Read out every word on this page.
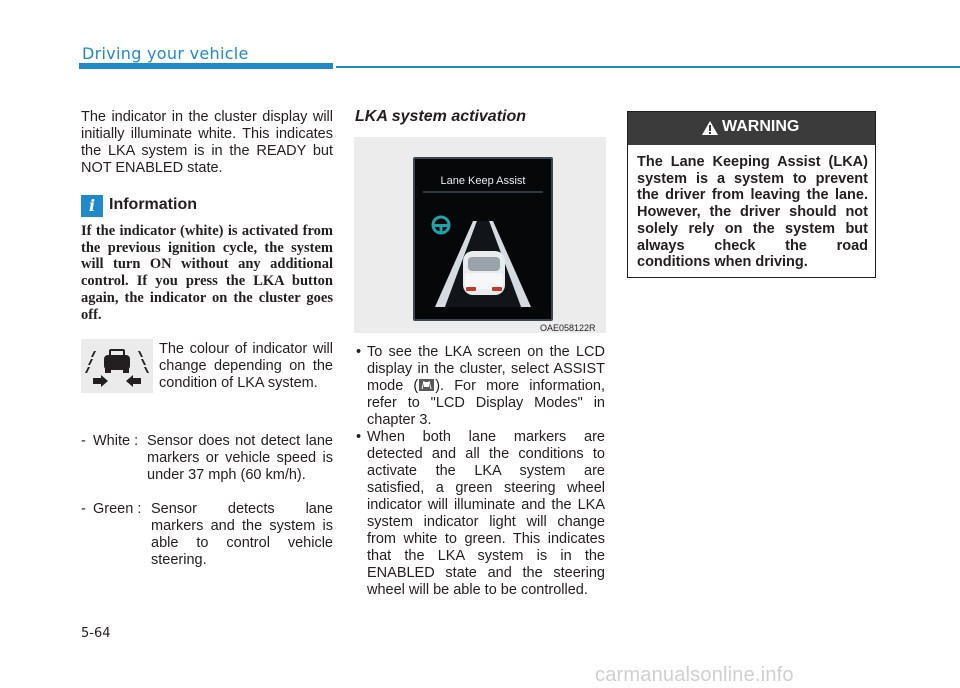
Driving your vehicle
The indicator in the cluster display will initially illuminate white. This indicates the LKA system is in the READY but NOT ENABLED state.
i Information
If the indicator (white) is activated from the previous ignition cycle, the system will turn ON without any additional control. If you press the LKA button again, the indicator on the cluster goes off.
The colour of indicator will change depending on the condition of LKA system.
- White : Sensor does not detect lane markers or vehicle speed is under 37 mph (60 km/h).
- Green : Sensor detects lane markers and the system is able to control vehicle steering.
LKA system activation
Lane Keep Assist
OAE058122R
• To see the LKA screen on the LCD display in the cluster, select ASSIST mode ( ). For more information, refer to "LCD Display Modes" in chapter 3.
• When both lane markers are detected and all the conditions to activate the LKA system are satisfied, a green steering wheel indicator will illuminate and the LKA system indicator light will change from white to green. This indicates that the LKA system is in the ENABLED state and the steering wheel will be able to be controlled.
WARNING
The Lane Keeping Assist (LKA) system is a system to prevent the driver from leaving the lane. However, the driver should not solely rely on the system but always check the road conditions when driving.
5-64
carmanualsonline.info
